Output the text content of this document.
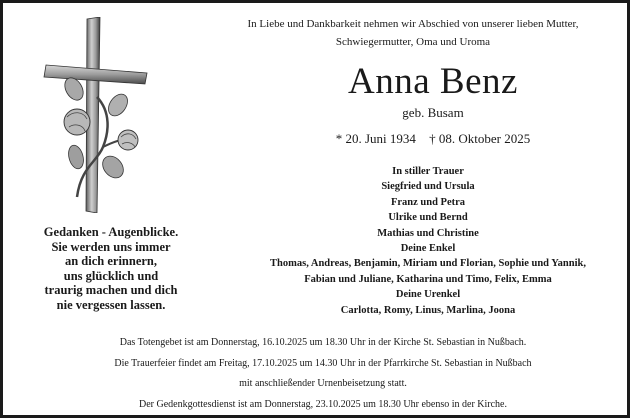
In Liebe und Dankbarkeit nehmen wir Abschied von unserer lieben Mutter,
Schwiegermutter, Oma und Uroma
Anna Benz
geb. Busam
* 20. Juni 1934 † 08. Oktober 2025
In stiller Trauer
Siegfried und Ursula
Franz und Petra
Ulrike und Bernd
Mathias und Christine
Deine Enkel
Thomas, Andreas, Benjamin, Miriam und Florian, Sophie und Yannik,
Fabian und Juliane, Katharina und Timo, Felix, Emma
Deine Urenkel
Carlotta, Romy, Linus, Marlina, Joona
Gedanken - Augenblicke.
Sie werden uns immer
an dich erinnern,
uns glücklich und
traurig machen und dich
nie vergessen lassen.
Das Totengebet ist am Donnerstag, 16.10.2025 um 18.30 Uhr in der Kirche St. Sebastian in Nußbach.
Die Trauerfeier findet am Freitag, 17.10.2025 um 14.30 Uhr in der Pfarrkirche St. Sebastian in Nußbach
mit anschließender Urnenbeisetzung statt.
Der Gedenkgottesdienst ist am Donnerstag, 23.10.2025 um 18.30 Uhr ebenso in der Kirche.
